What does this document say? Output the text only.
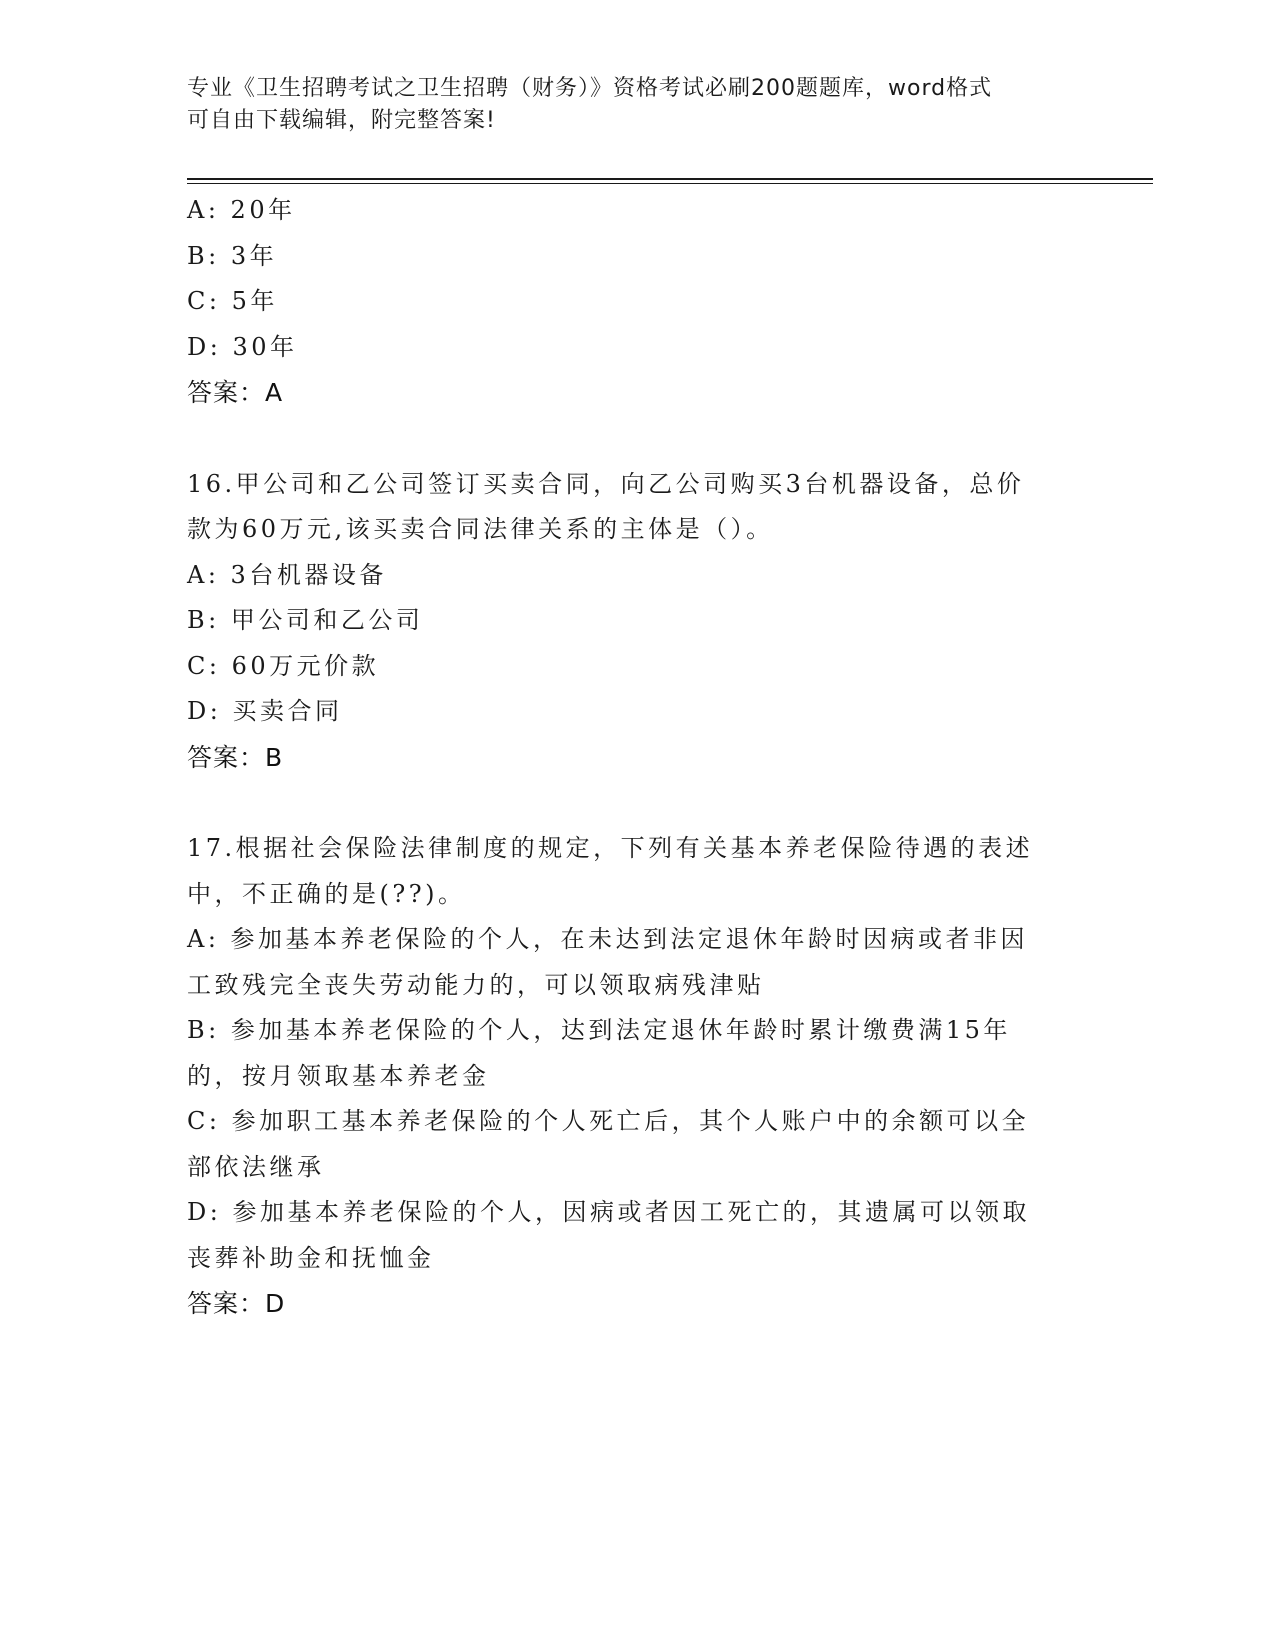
专业《卫生招聘考试之卫生招聘（财务）》资格考试必刷200题题库，word格式
可自由下载编辑，附完整答案!
A: 20年
B: 3年
C: 5年
D: 30年
答案：A
16.甲公司和乙公司签订买卖合同，向乙公司购买3台机器设备，总价
款为60万元,该买卖合同法律关系的主体是（）。
A: 3台机器设备
B: 甲公司和乙公司
C: 60万元价款
D: 买卖合同
答案：B
17.根据社会保险法律制度的规定，下列有关基本养老保险待遇的表述
中，不正确的是(??)。
A: 参加基本养老保险的个人，在未达到法定退休年龄时因病或者非因
工致残完全丧失劳动能力的，可以领取病残津贴
B: 参加基本养老保险的个人，达到法定退休年龄时累计缴费满15年
的，按月领取基本养老金
C: 参加职工基本养老保险的个人死亡后，其个人账户中的余额可以全
部依法继承
D: 参加基本养老保险的个人，因病或者因工死亡的，其遗属可以领取
丧葬补助金和抚恤金
答案：D
